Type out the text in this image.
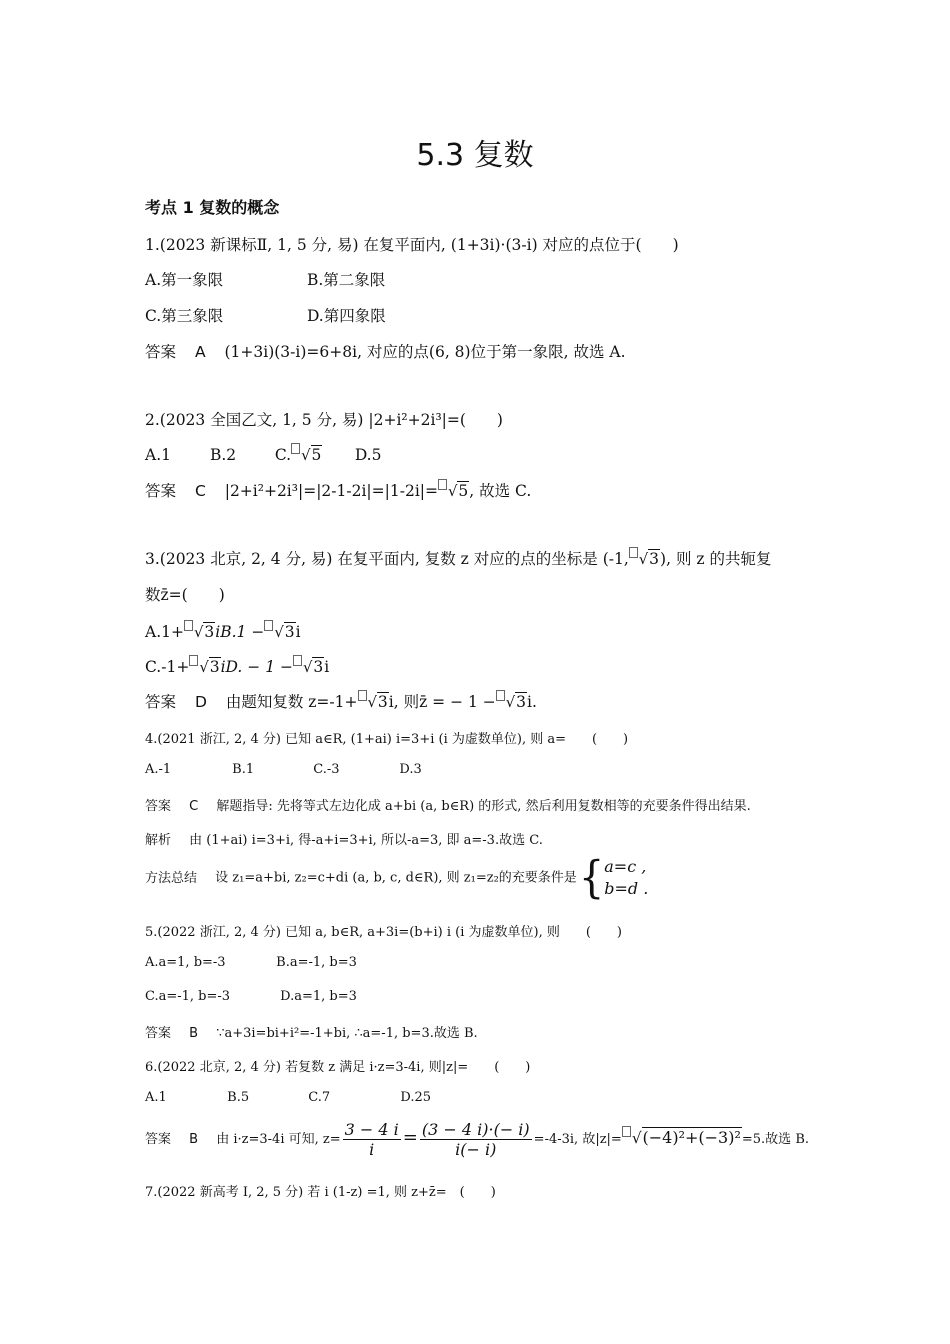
5.3 复数
考点 1 复数的概念
1.(2023 新课标Ⅱ, 1, 5 分, 易) 在复平面内, (1+3i)·(3-i) 对应的点位于(　　)
A.第一象限	B.第二象限
C.第三象限	D.第四象限
答案 A (1+3i)(3-i)=6+8i, 对应的点(6, 8)位于第一象限, 故选 A.
2.(2023 全国乙文, 1, 5 分, 易) |2+i²+2i³|=(　　)
A.1	B.2	C. √5 D.5
答案 C |2+i²+2i³|=|2-1-2i|=|1-2i|= √5, 故选 C.
3.(2023 北京, 2, 4 分, 易) 在复平面内, 复数 z 对应的点的坐标是 (-1, √3), 则 z 的共轭复
数z̄=(　　)
A.1+ √3iB.1 − √3i
C.-1+ √3iD. − 1 − √3i
答案 D 由题知复数 z=-1+ √3i, 则z̄ = − 1 − √3i.
4.(2021 浙江, 2, 4 分) 已知 a∈R, (1+ai) i=3+i (i 为虚数单位), 则 a=　　(　　)
A.-1	B.1	C.-3	D.3
答案 C 解题指导: 先将等式左边化成 a+bi (a, b∈R) 的形式, 然后利用复数相等的充要条件得出结果.
解析 由 (1+ai) i=3+i, 得-a+i=3+i, 所以-a=3, 即 a=-3.故选 C.
方法总结 设 z₁=a+bi, z₂=c+di (a, b, c, d∈R), 则 z₁=z₂的充要条件是{ a=c ,
b=d .
5.(2022 浙江, 2, 4 分) 已知 a, b∈R, a+3i=(b+i) i (i 为虚数单位), 则　　(　　)
A.a=1, b=-3	B.a=-1, b=3
C.a=-1, b=-3	D.a=1, b=3
答案 B ∵a+3i=bi+i²=-1+bi, ∴a=-1, b=3.故选 B.
6.(2022 北京, 2, 4 分) 若复数 z 满足 i·z=3-4i, 则|z|=　　(　　)
A.1	B.5	C.7	D.25
答案 B 由 i·z=3-4i 可知, $z= \frac{3 - 4 i}{i} = \frac{(3 - 4 i)\cdot(- i)}{i(- i)} =-4-3i$, 故|z|= √(−4)²+(−3)²=5.故选 B.
7.(2022 新高考 Ⅰ, 2, 5 分) 若 i (1-z) =1, 则 z+z̄=　(　　)
